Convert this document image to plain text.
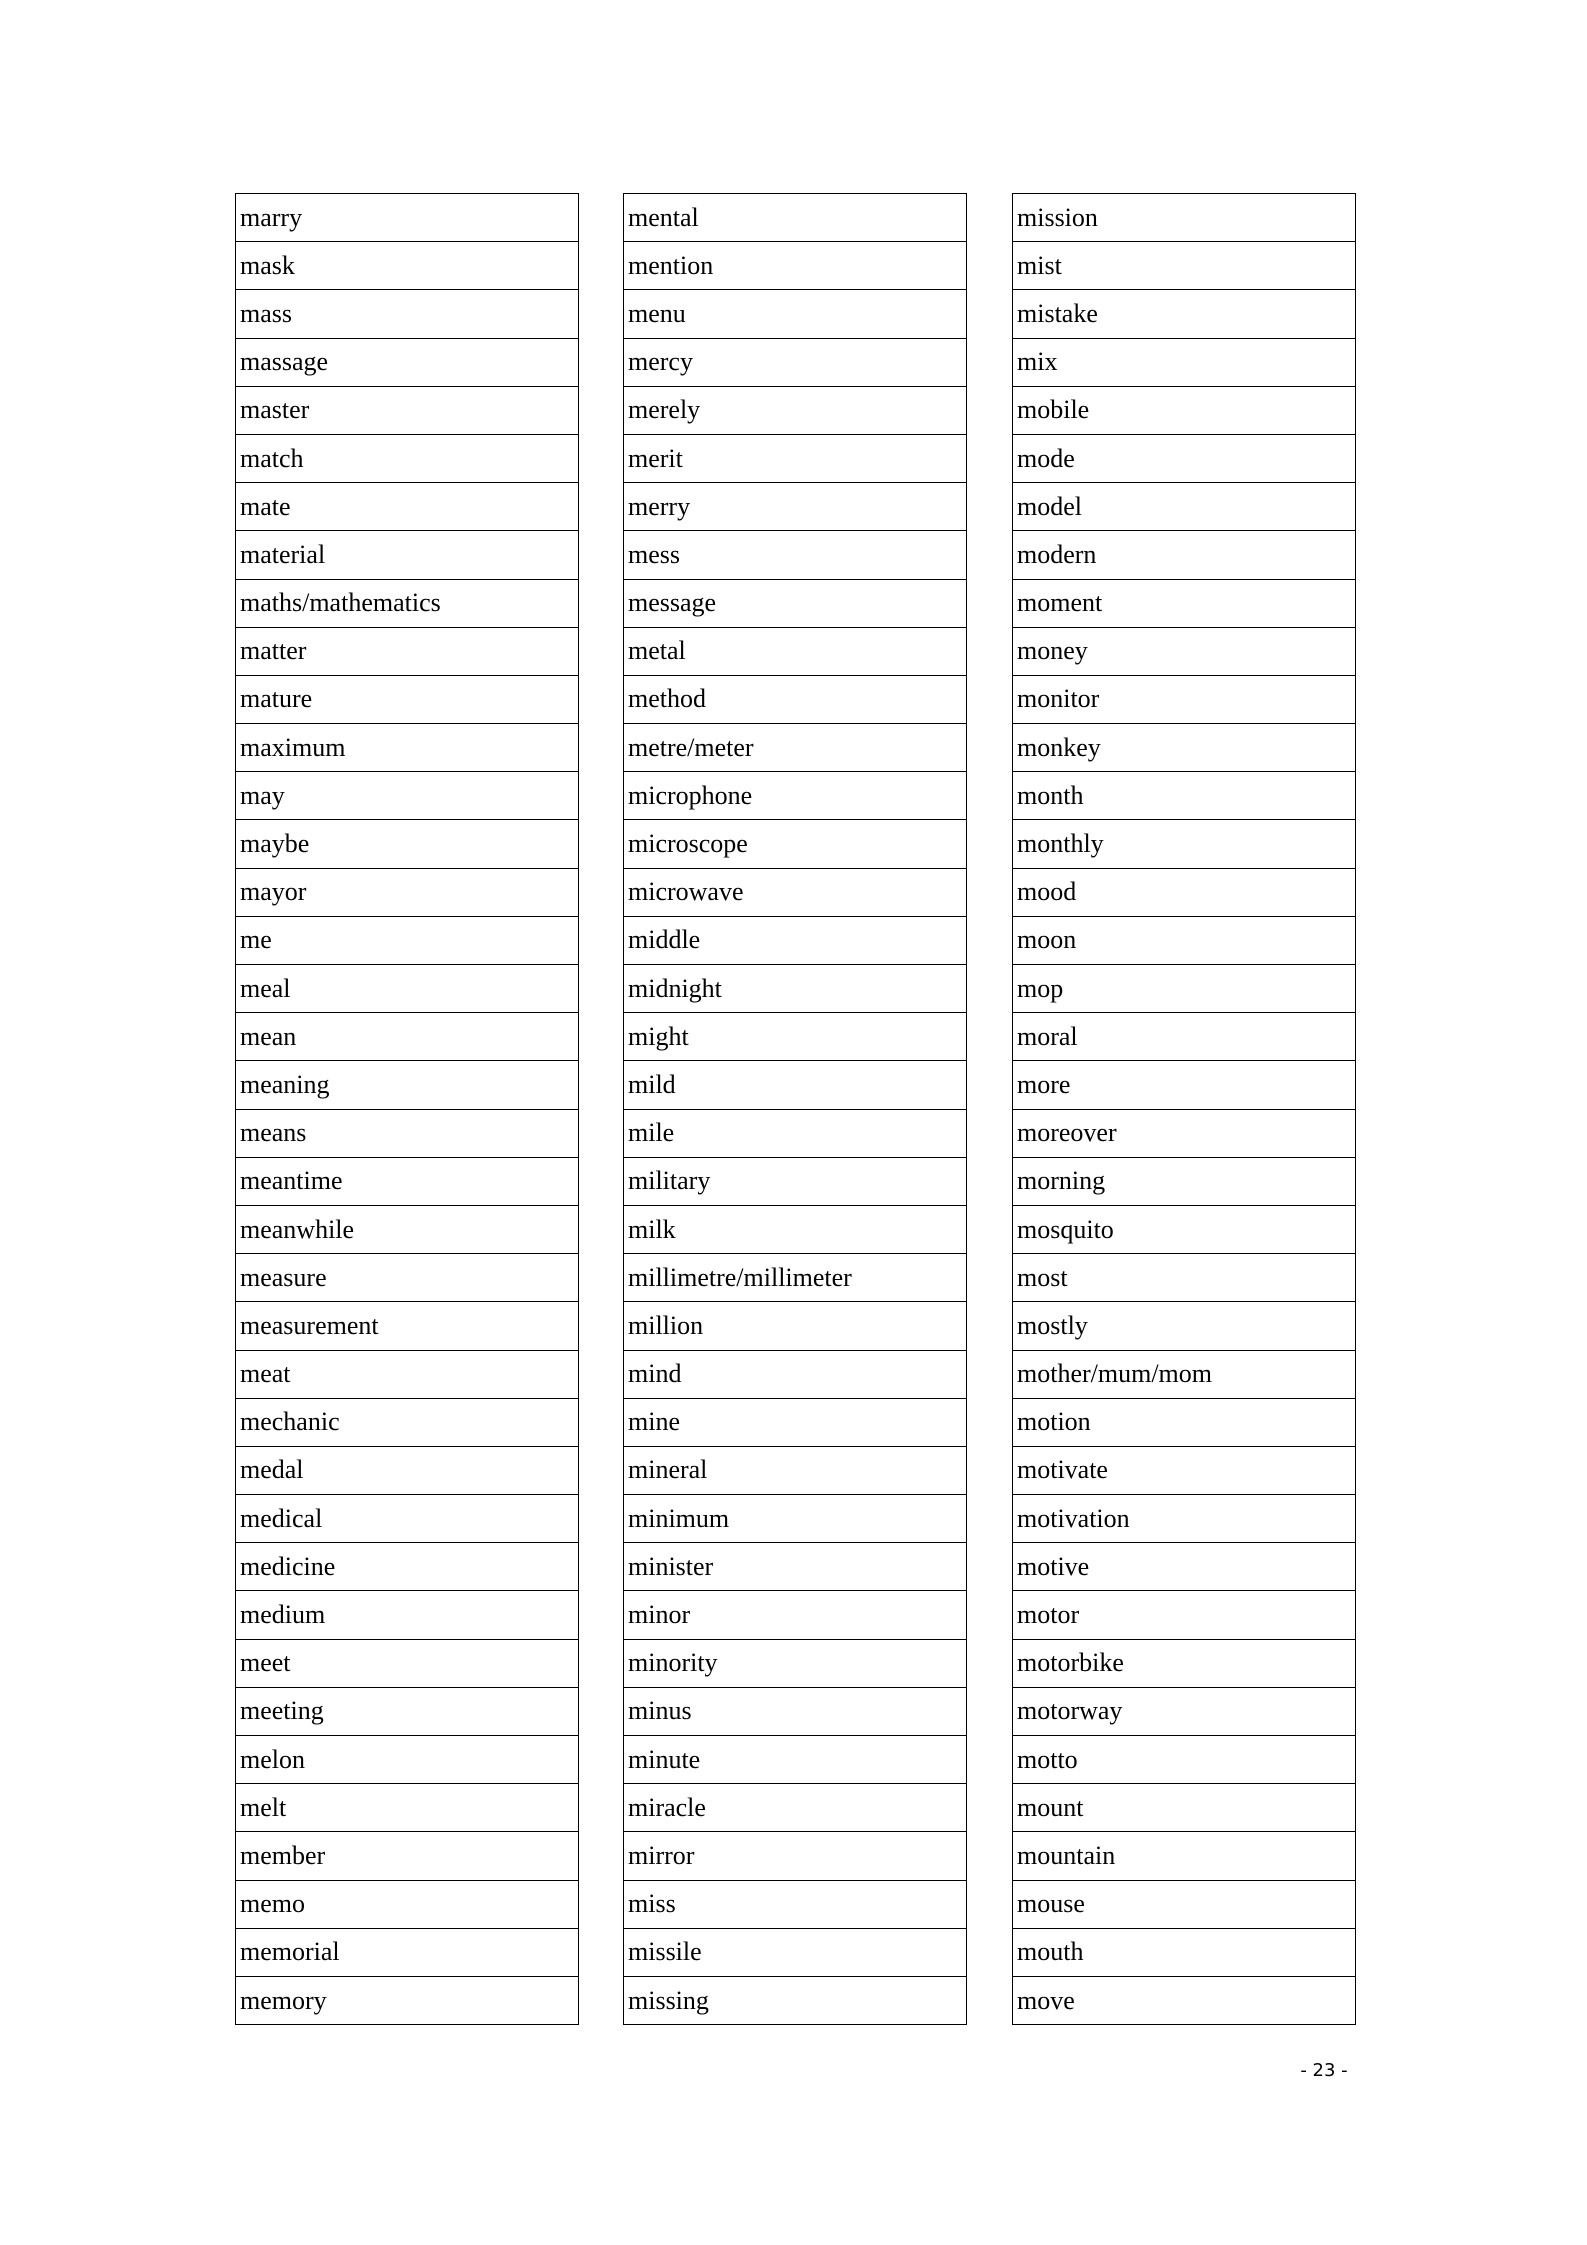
marry
mask
mass
massage
master
match
mate
material
maths/mathematics
matter
mature
maximum
may
maybe
mayor
me
meal
mean
meaning
means
meantime
meanwhile
measure
measurement
meat
mechanic
medal
medical
medicine
medium
meet
meeting
melon
melt
member
memo
memorial
memory
mental
mention
menu
mercy
merely
merit
merry
mess
message
metal
method
metre/meter
microphone
microscope
microwave
middle
midnight
might
mild
mile
military
milk
millimetre/millimeter
million
mind
mine
mineral
minimum
minister
minor
minority
minus
minute
miracle
mirror
miss
missile
missing
mission
mist
mistake
mix
mobile
mode
model
modern
moment
money
monitor
monkey
month
monthly
mood
moon
mop
moral
more
moreover
morning
mosquito
most
mostly
mother/mum/mom
motion
motivate
motivation
motive
motor
motorbike
motorway
motto
mount
mountain
mouse
mouth
move
- 23 -
